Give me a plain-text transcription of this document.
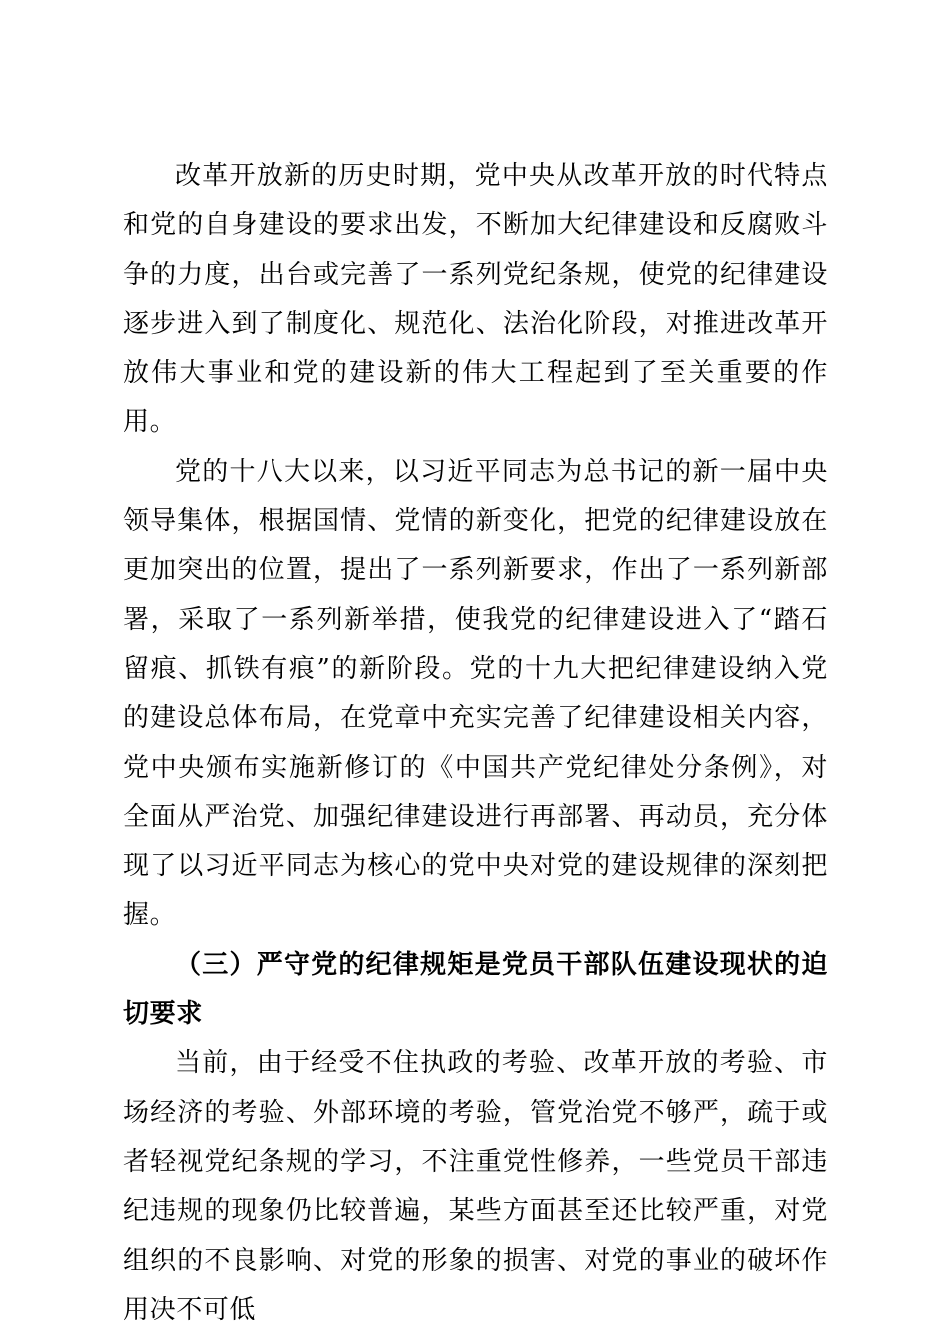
改革开放新的历史时期，党中央从改革开放的时代特点和党的自身建设的要求出发，不断加大纪律建设和反腐败斗争的力度，出台或完善了一系列党纪条规，使党的纪律建设逐步进入到了制度化、规范化、法治化阶段，对推进改革开放伟大事业和党的建设新的伟大工程起到了至关重要的作用。

党的十八大以来，以习近平同志为总书记的新一届中央领导集体，根据国情、党情的新变化，把党的纪律建设放在更加突出的位置，提出了一系列新要求，作出了一系列新部署，采取了一系列新举措，使我党的纪律建设进入了“踏石留痕、抓铁有痕”的新阶段。党的十九大把纪律建设纳入党的建设总体布局，在党章中充实完善了纪律建设相关内容，党中央颁布实施新修订的《中国共产党纪律处分条例》，对全面从严治党、加强纪律建设进行再部署、再动员，充分体现了以习近平同志为核心的党中央对党的建设规律的深刻把握。

（三）严守党的纪律规矩是党员干部队伍建设现状的迫切要求

当前，由于经受不住执政的考验、改革开放的考验、市场经济的考验、外部环境的考验，管党治党不够严，疏于或者轻视党纪条规的学习，不注重党性修养，一些党员干部违纪违规的现象仍比较普遍，某些方面甚至还比较严重，对党组织的不良影响、对党的形象的损害、对党的事业的破坏作用决不可低
